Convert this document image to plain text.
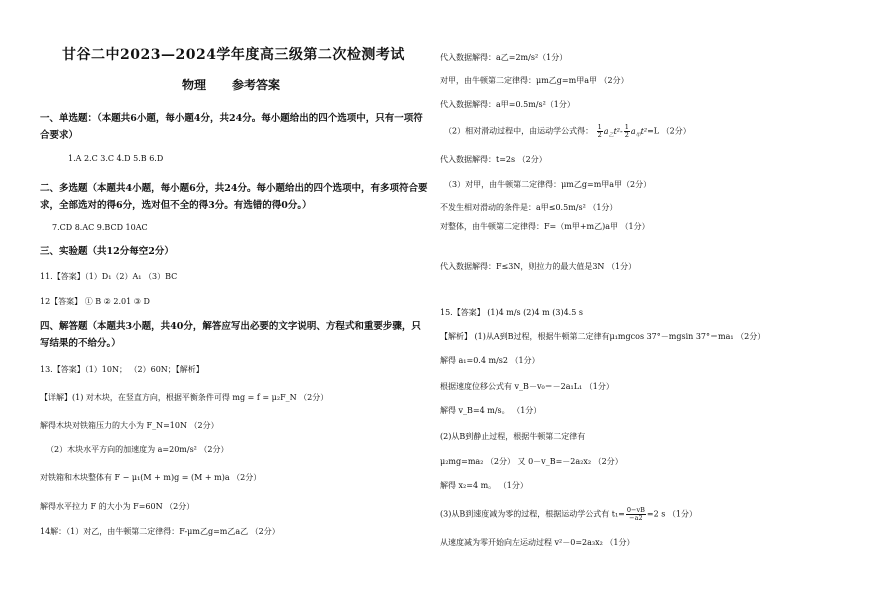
甘谷二中2023—2024学年度高三级第二次检测考试
物理 参考答案
一、单选题：（本题共6小题，每小题4分，共24分。每小题给出的四个选项中，只有一项符合要求）
1.A 2.C 3.C 4.D 5.B 6.D
二、多选题（本题共4小题，每小题6分，共24分。每小题给出的四个选项中，有多项符合要求，全部选对的得6分，选对但不全的得3分。有选错的得0分。）
7.CD 8.AC 9.BCD 10AC
三、实验题（共12分每空2分）
11.【答案】（1）D₁（2）A₁ （3）BC
12【答案】 ① B ② 2.01 ③ D
四、解答题（本题共3小题，共40分，解答应写出必要的文字说明、方程式和重要步骤，只写结果的不给分。）
13.【答案】（1）10N； （2）60N；【解析】
【详解】(1) 对木块，在竖直方向，根据平衡条件可得 mg = f = μ₂F_N （2分）
解得木块对铁箱压力的大小为 F_N=10N （2分）
（2）木块水平方向的加速度为 a=20m/s² （2分）
对铁箱和木块整体有 F − μ₁(M + m)g = (M + m)a （2分）
解得水平拉力 F 的大小为 F=60N （2分）
14解：（1）对乙，由牛顿第二定律得：F-μm乙g=m乙a乙 （2分）
代入数据解得：a乙=2m/s²（1分）
对甲，由牛顿第二定律得：μm乙g=m甲a甲 （2分）
代入数据解得：a甲=0.5m/s²（1分）
（2）相对滑动过程中，由运动学公式得： $\frac{1}{2} a_乙t^2- \frac{1}{2} a_甲t^2=L$ （2分）
代入数据解得：t=2s （2分）
（3）对甲，由牛顿第二定律得：μm乙g=m甲a甲（2分）
不发生相对滑动的条件是：a甲≤0.5m/s² （1分）
对整体，由牛顿第二定律得：F=（m甲+m乙)a甲 （1分）
代入数据解得：F≤3N，则拉力的最大值是3N （1分）
15.【答案】 (1)4 m/s (2)4 m (3)4.5 s
【解析】 (1)从A到B过程，根据牛顿第二定律有μ₁mgcos 37°－mgsin 37°＝ma₁ （2分）
解得 a₁=0.4 m/s2 （1分）
根据速度位移公式有 v_B－v₀＝－2a₁L₁ （1分）
解得 v_B=4 m/s。 （1分）
(2)从B到静止过程，根据牛顿第二定律有
μ₂mg=ma₂ （2分） 又 0－v_B=－2a₂x₂ （2分）
解得 x₂=4 m。 （1分）
(3)从B到速度减为零的过程，根据运动学公式有 $t_1= \frac{0-vB}{-a2} =2$ s （1分）
从速度减为零开始向左运动过程 v²－0=2a₃x₂ （1分）
